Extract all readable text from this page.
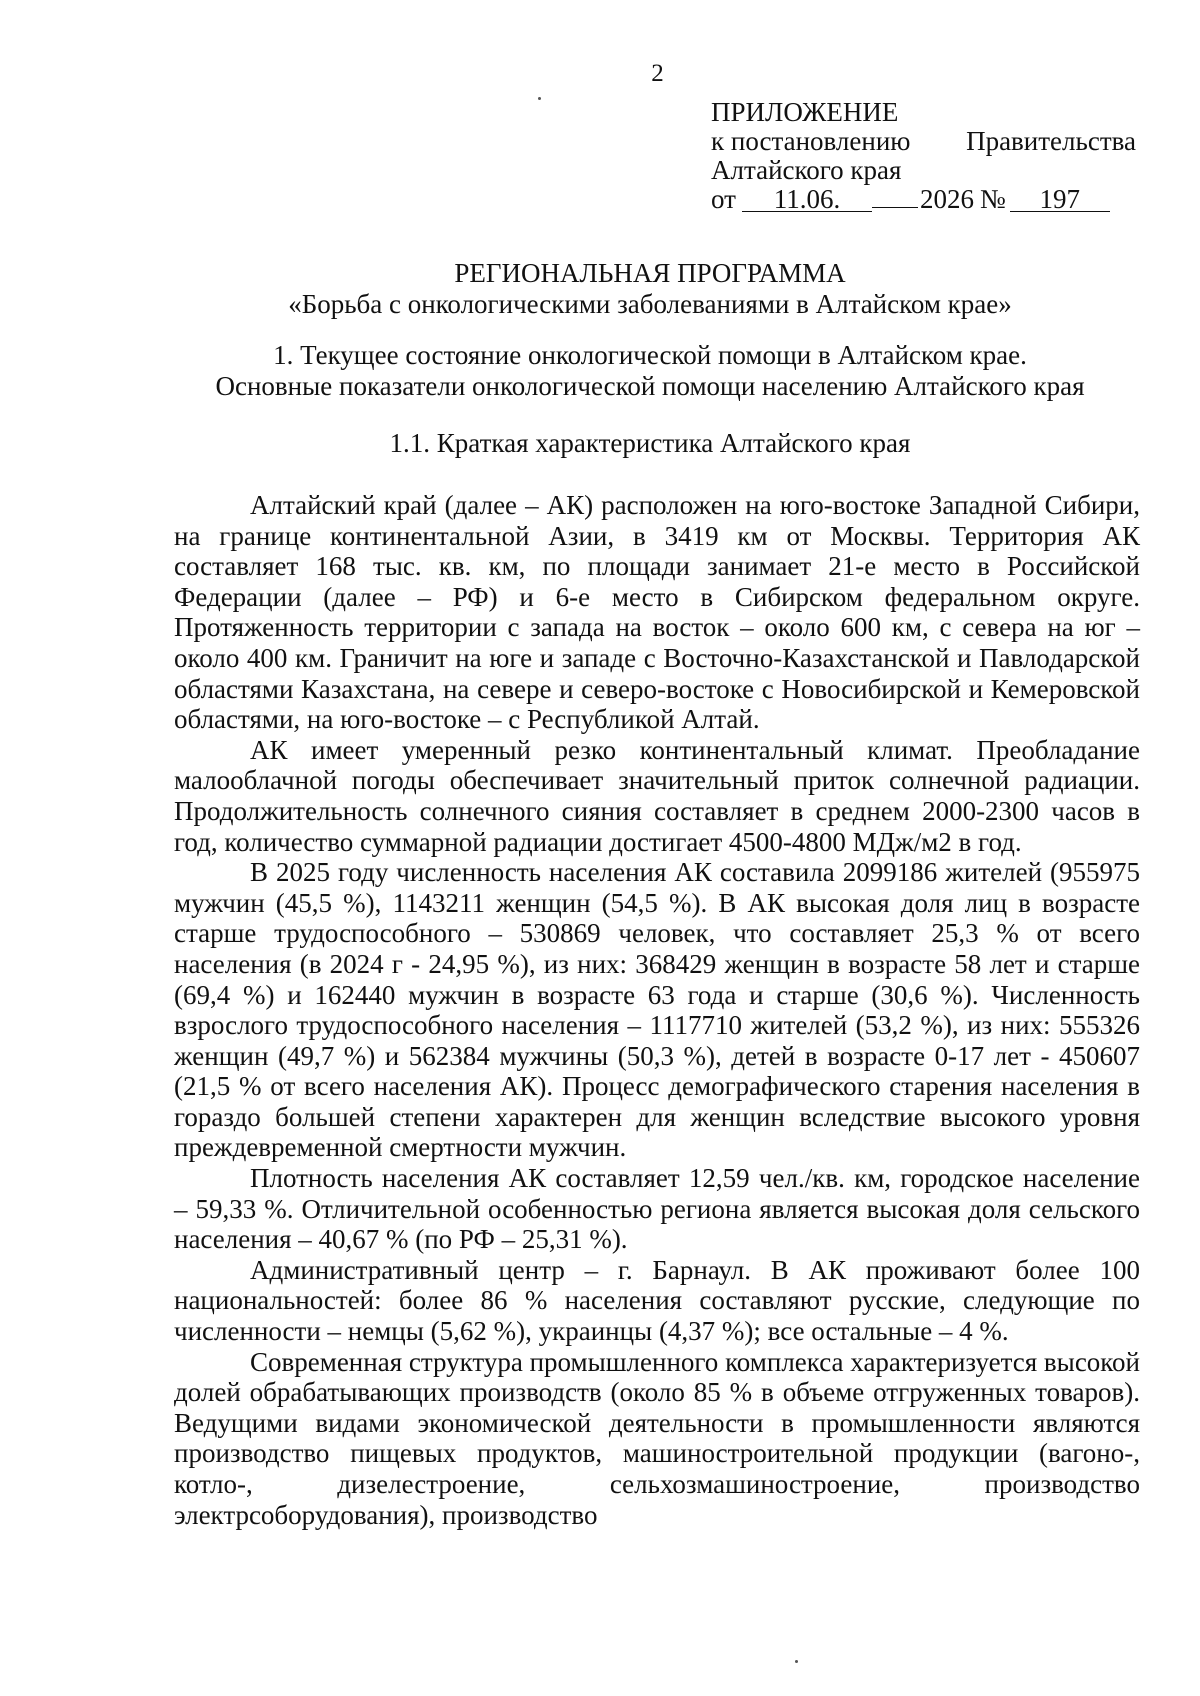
2
ПРИЛОЖЕНИЕ
к постановлению Правительства
Алтайского края
от	11.06.	2026 №	197
РЕГИОНАЛЬНАЯ ПРОГРАММА
«Борьба с онкологическими заболеваниями в Алтайском крае»
1. Текущее состояние онкологической помощи в Алтайском крае.
Основные показатели онкологической помощи населению Алтайского края
1.1. Краткая характеристика Алтайского края

Алтайский край (далее – АК) расположен на юго-востоке Западной Сибири, на границе континентальной Азии, в 3419 км от Москвы. Территория АК составляет 168 тыс. кв. км, по площади занимает 21-е место в Российской Федерации (далее – РФ) и 6-е место в Сибирском федеральном округе. Протяженность территории с запада на восток – около 600 км, с севера на юг – около 400 км. Граничит на юге и западе с Восточно-Казахстанской и Павлодарской областями Казахстана, на севере и северо-востоке с Новосибирской и Кемеровской областями, на юго-востоке – с Республикой Алтай.

АК имеет умеренный резко континентальный климат. Преобладание малооблачной погоды обеспечивает значительный приток солнечной радиации. Продолжительность солнечного сияния составляет в среднем 2000-2300 часов в год, количество суммарной радиации достигает 4500-4800 МДж/м2 в год.

В 2025 году численность населения АК составила 2099186 жителей (955975 мужчин (45,5 %), 1143211 женщин (54,5 %). В АК высокая доля лиц в возрасте старше трудоспособного – 530869 человек, что составляет 25,3 % от всего населения (в 2024 г - 24,95 %), из них: 368429 женщин в возрасте 58 лет и старше (69,4 %) и 162440 мужчин в возрасте 63 года и старше (30,6 %). Численность взрослого трудоспособного населения – 1117710 жителей (53,2 %), из них: 555326 женщин (49,7 %) и 562384 мужчины (50,3 %), детей в возрасте 0-17 лет - 450607 (21,5 % от всего населения АК). Процесс демографического старения населения в гораздо большей степени характерен для женщин вследствие высокого уровня преждевременной смертности мужчин.

Плотность населения АК составляет 12,59 чел./кв. км, городское население – 59,33 %. Отличительной особенностью региона является высокая доля сельского населения – 40,67 % (по РФ – 25,31 %).

Административный центр – г. Барнаул. В АК проживают более 100 национальностей: более 86 % населения составляют русские, следующие по численности – немцы (5,62 %), украинцы (4,37 %); все остальные – 4 %.

Современная структура промышленного комплекса характеризуется высокой долей обрабатывающих производств (около 85 % в объеме отгруженных товаров). Ведущими видами экономической деятельности в промышленности являются производство пищевых продуктов, машиностроительной продукции (вагоно-, котло-, дизелестроение, сельхозмашиностроение, производство электрсоборудования), производство
